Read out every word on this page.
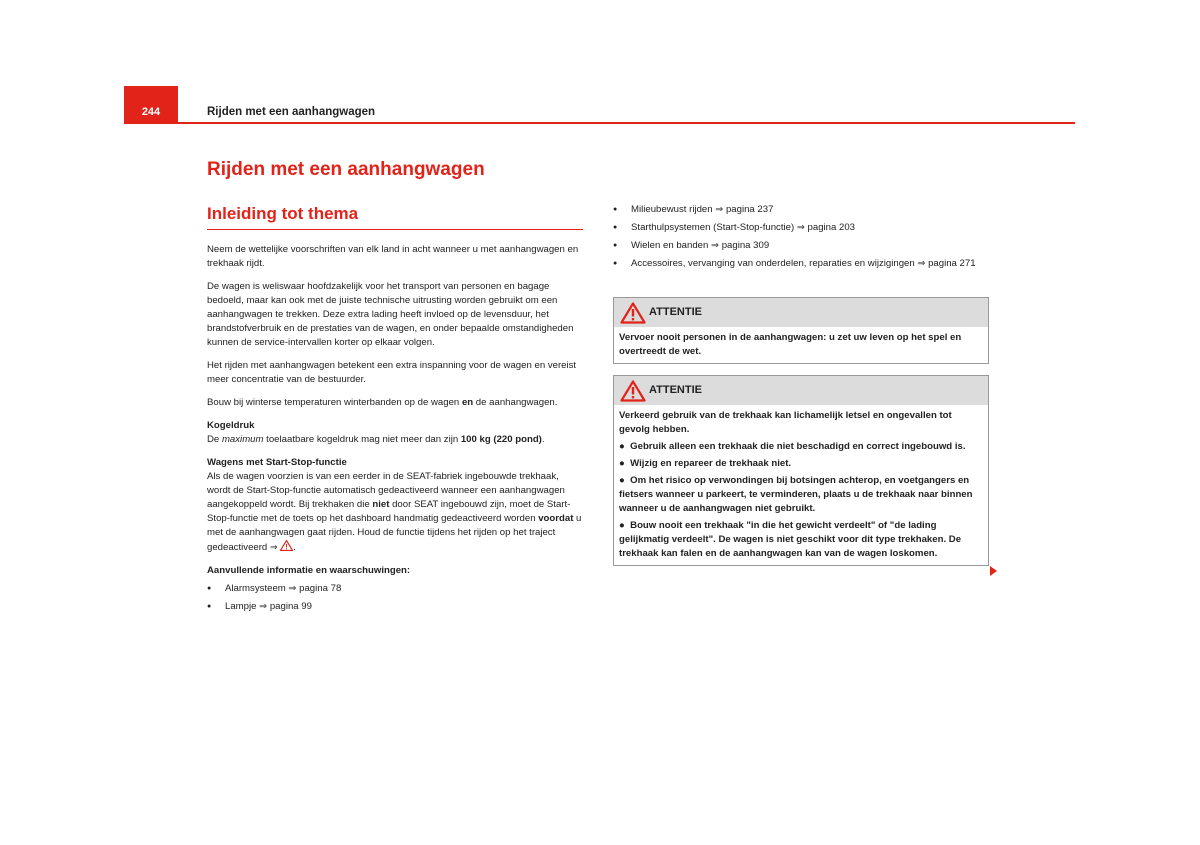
244	Rijden met een aanhangwagen
Rijden met een aanhangwagen
Inleiding tot thema

Neem de wettelijke voorschriften van elk land in acht wanneer u met aanhangwagen en trekhaak rijdt.

De wagen is weliswaar hoofdzakelijk voor het transport van personen en bagage bedoeld, maar kan ook met de juiste technische uitrusting worden gebruikt om een aanhangwagen te trekken. Deze extra lading heeft invloed op de levensduur, het brandstofverbruik en de prestaties van de wagen, en onder bepaalde omstandigheden kunnen de service-intervallen korter op elkaar volgen.

Het rijden met aanhangwagen betekent een extra inspanning voor de wagen en vereist meer concentratie van de bestuurder.

Bouw bij winterse temperaturen winterbanden op de wagen en de aanhangwagen.

Kogeldruk

De maximum toelaatbare kogeldruk mag niet meer dan zijn 100 kg (220 pond).

Wagens met Start-Stop-functie

Als de wagen voorzien is van een eerder in de SEAT-fabriek ingebouwde trekhaak, wordt de Start-Stop-functie automatisch gedeactiveerd wanneer een aanhangwagen aangekoppeld wordt. Bij trekhaken die niet door SEAT ingebouwd zijn, moet de Start-Stop-functie met de toets op het dashboard handmatig gedeactiveerd worden voordat u met de aanhangwagen gaat rijden. Houd de functie tijdens het rijden op het traject gedeactiveerd ⇒ .

Aanvullende informatie en waarschuwingen:
● Alarmsysteem ⇒ pagina 78
● Lampje ⇒ pagina 99
● Milieubewust rijden ⇒ pagina 237
● Starthulpsystemen (Start-Stop-functie) ⇒ pagina 203
● Wielen en banden ⇒ pagina 309
● Accessoires, vervanging van onderdelen, reparaties en wijzigingen ⇒ pagina 271
ATTENTIE
Vervoer nooit personen in de aanhangwagen: u zet uw leven op het spel en overtreedt de wet.
ATTENTIE
Verkeerd gebruik van de trekhaak kan lichamelijk letsel en ongevallen tot gevolg hebben.
●  Gebruik alleen een trekhaak die niet beschadigd en correct ingebouwd is.
●  Wijzig en repareer de trekhaak niet.
●  Om het risico op verwondingen bij botsingen achterop, en voetgangers en fietsers wanneer u parkeert, te verminderen, plaats u de trekhaak naar binnen wanneer u de aanhangwagen niet gebruikt.
●  Bouw nooit een trekhaak "in die het gewicht verdeelt" of "de lading gelijkmatig verdeelt". De wagen is niet geschikt voor dit type trekhaken. De trekhaak kan falen en de aanhangwagen kan van de wagen loskomen.
